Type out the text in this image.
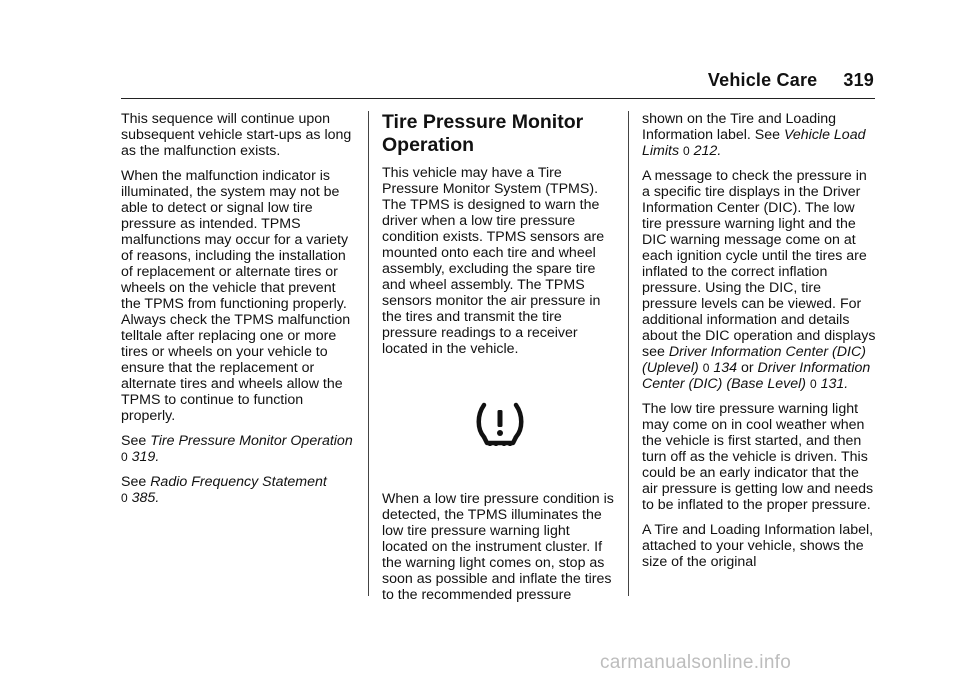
Vehicle Care 319

This sequence will continue upon subsequent vehicle start-ups as long as the malfunction exists.

When the malfunction indicator is illuminated, the system may not be able to detect or signal low tire pressure as intended. TPMS malfunctions may occur for a variety of reasons, including the installation of replacement or alternate tires or wheels on the vehicle that prevent the TPMS from functioning properly. Always check the TPMS malfunction telltale after replacing one or more tires or wheels on your vehicle to ensure that the replacement or alternate tires and wheels allow the TPMS to continue to function properly.

See Tire Pressure Monitor Operation 0 319.

See Radio Frequency Statement
0 385.

Tire Pressure Monitor Operation

This vehicle may have a Tire Pressure Monitor System (TPMS). The TPMS is designed to warn the driver when a low tire pressure condition exists. TPMS sensors are mounted onto each tire and wheel assembly, excluding the spare tire and wheel assembly. The TPMS sensors monitor the air pressure in the tires and transmit the tire pressure readings to a receiver located in the vehicle.

When a low tire pressure condition is detected, the TPMS illuminates the low tire pressure warning light located on the instrument cluster. If the warning light comes on, stop as soon as possible and inflate the tires to the recommended pressure

shown on the Tire and Loading Information label. See Vehicle Load Limits 0 212.

A message to check the pressure in a specific tire displays in the Driver Information Center (DIC). The low tire pressure warning light and the DIC warning message come on at each ignition cycle until the tires are inflated to the correct inflation pressure. Using the DIC, tire pressure levels can be viewed. For additional information and details about the DIC operation and displays see Driver Information Center (DIC) (Uplevel) 0 134 or Driver Information Center (DIC) (Base Level) 0 131.

The low tire pressure warning light may come on in cool weather when the vehicle is first started, and then turn off as the vehicle is driven. This could be an early indicator that the air pressure is getting low and needs to be inflated to the proper pressure.

A Tire and Loading Information label, attached to your vehicle, shows the size of the original

carmanualsonline.info
